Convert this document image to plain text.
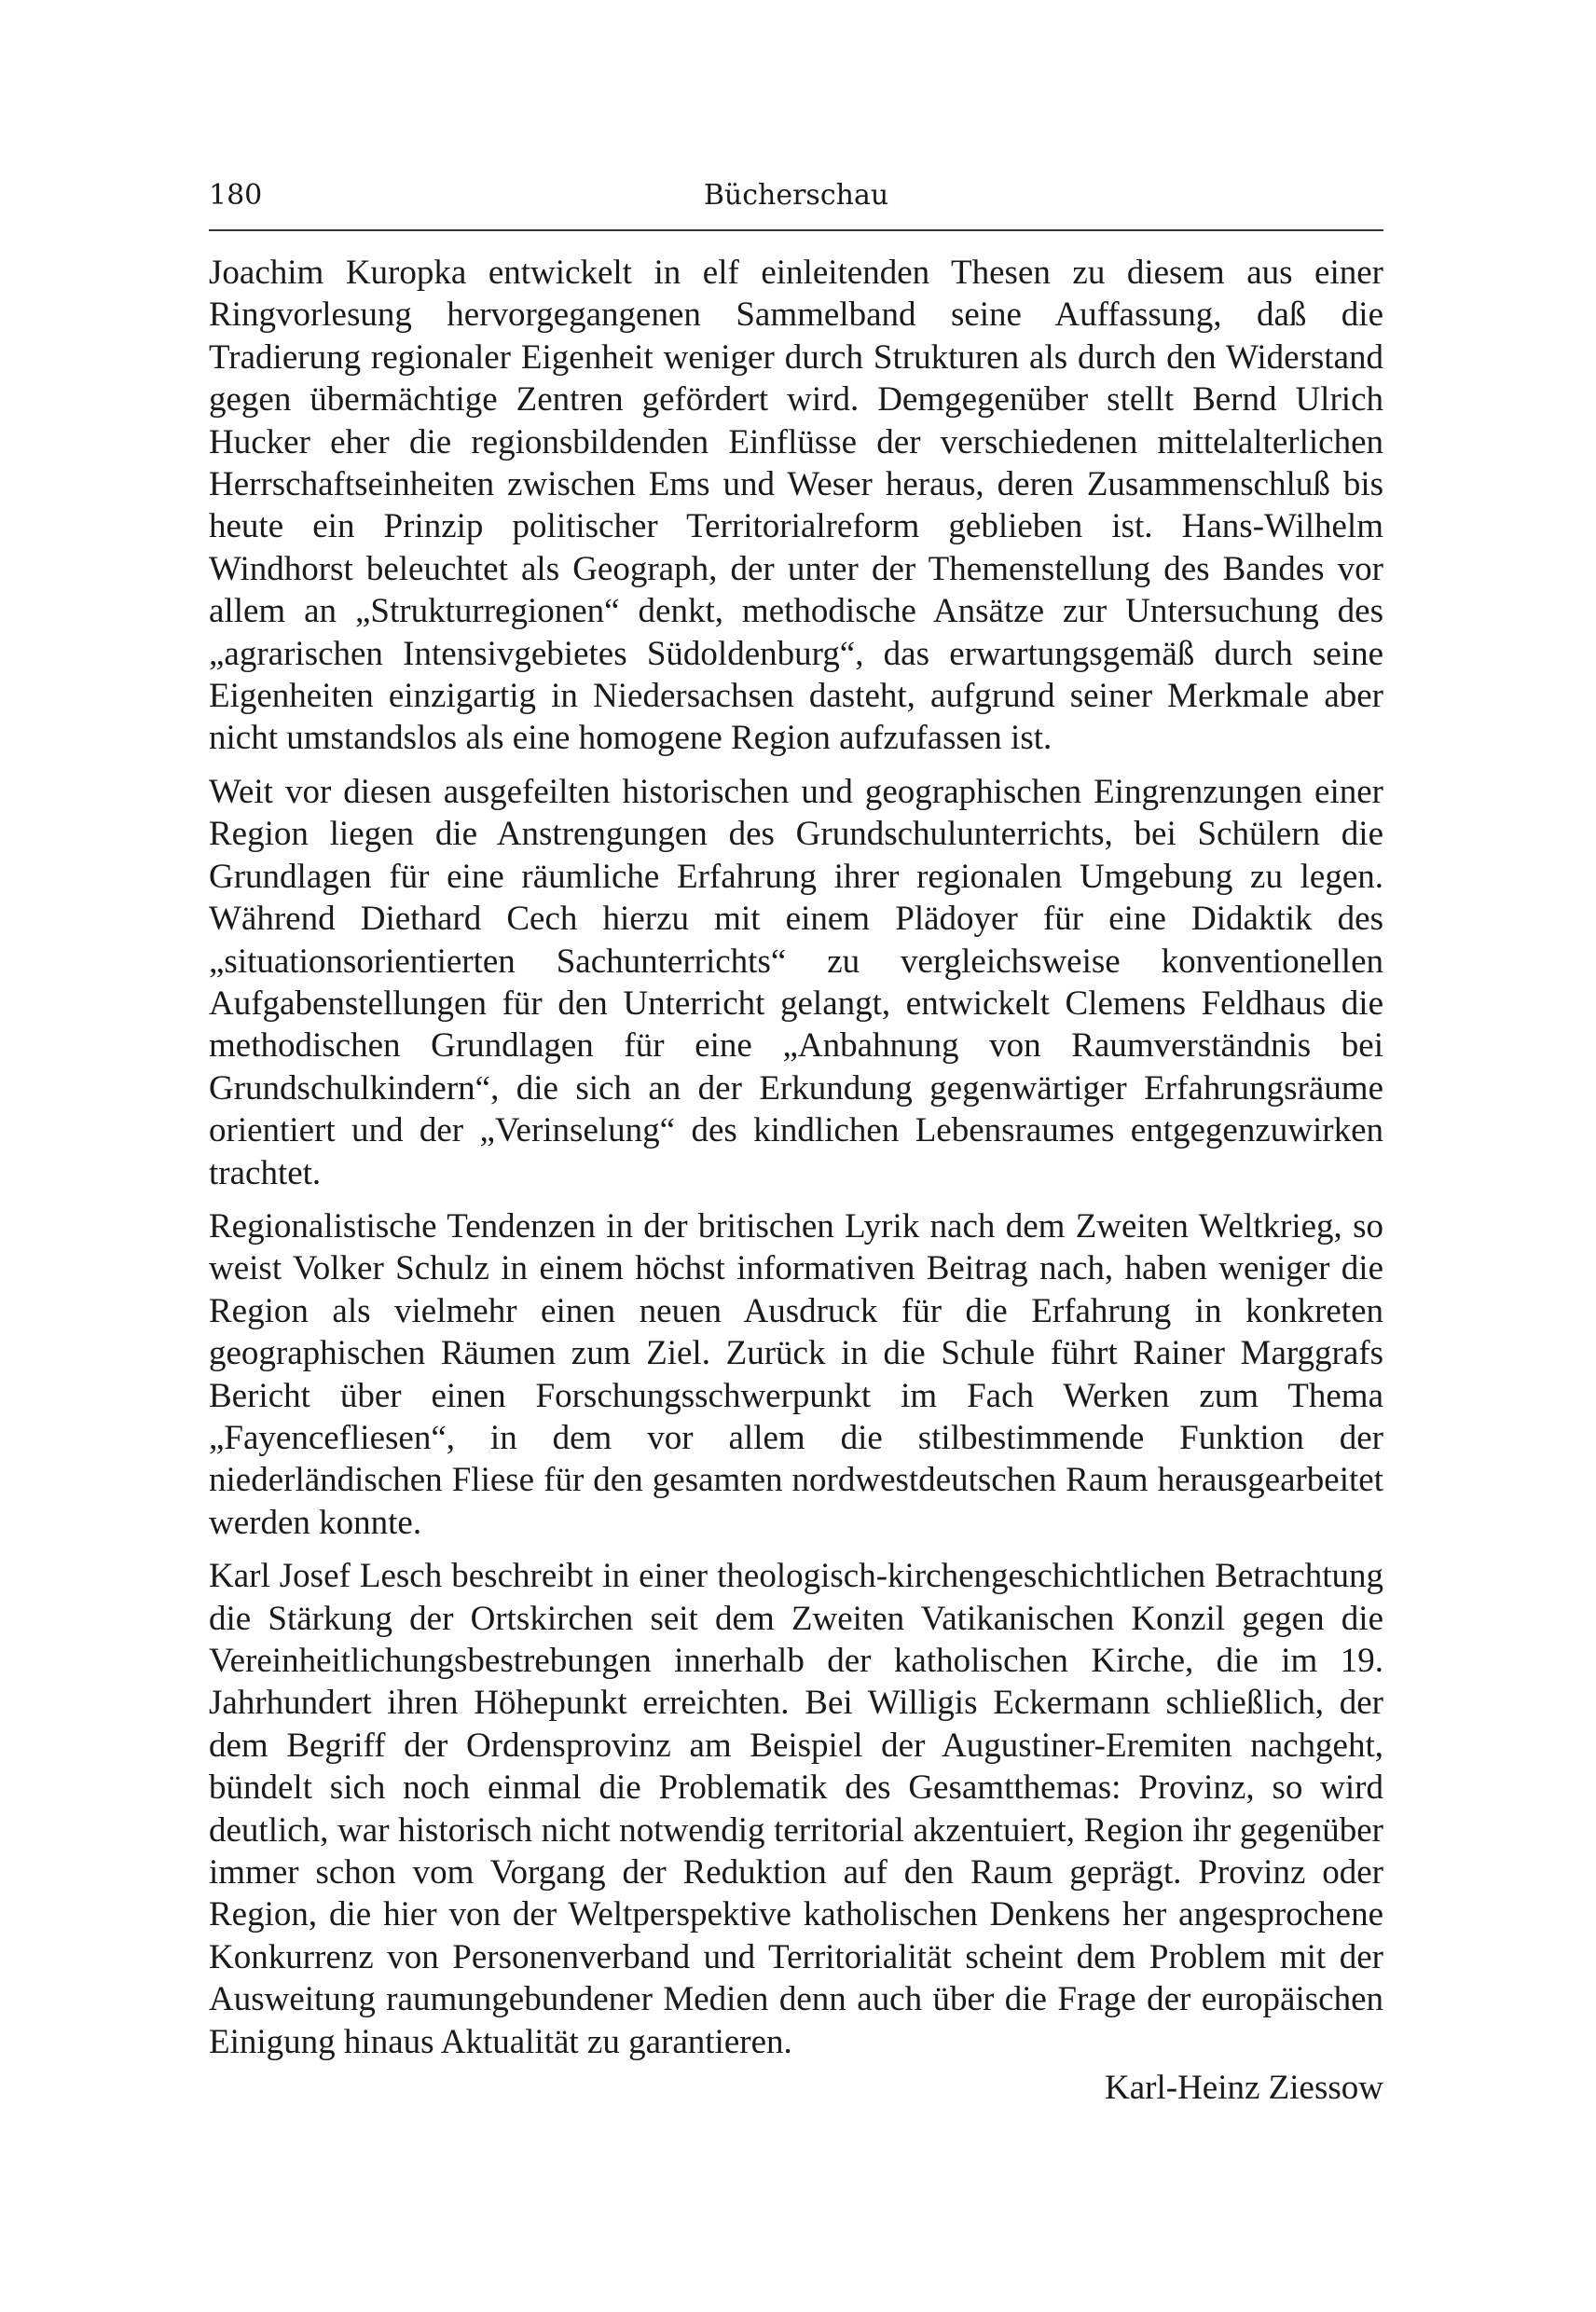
180	Bücherschau

Joachim Kuropka entwickelt in elf einleitenden Thesen zu diesem aus einer Ringvorlesung hervorgegangenen Sammelband seine Auffassung, daß die Tradierung regionaler Eigenheit weniger durch Strukturen als durch den Widerstand gegen übermächtige Zentren gefördert wird. Demgegenüber stellt Bernd Ulrich Hucker eher die regionsbildenden Einflüsse der verschiedenen mittelalterlichen Herrschaftseinheiten zwischen Ems und Weser heraus, deren Zusammenschluß bis heute ein Prinzip politischer Territorialreform geblieben ist. Hans-Wilhelm Windhorst beleuchtet als Geograph, der unter der Themenstellung des Bandes vor allem an „Strukturregionen“ denkt, methodische Ansätze zur Untersuchung des „agrarischen Intensivgebietes Südoldenburg“, das erwartungsgemäß durch seine Eigenheiten einzigartig in Niedersachsen dasteht, aufgrund seiner Merkmale aber nicht umstandslos als eine homogene Region aufzufassen ist.

Weit vor diesen ausgefeilten historischen und geographischen Eingrenzungen einer Region liegen die Anstrengungen des Grundschulunterrichts, bei Schülern die Grundlagen für eine räumliche Erfahrung ihrer regionalen Umgebung zu legen. Während Diethard Cech hierzu mit einem Plädoyer für eine Didaktik des „situationsorientierten Sachunterrichts“ zu vergleichsweise konventionellen Aufgabenstellungen für den Unterricht gelangt, entwickelt Clemens Feldhaus die methodischen Grundlagen für eine „Anbahnung von Raumverständnis bei Grundschulkindern“, die sich an der Erkundung gegenwärtiger Erfahrungsräume orientiert und der „Verinselung“ des kindlichen Lebensraumes entgegenzuwirken trachtet.

Regionalistische Tendenzen in der britischen Lyrik nach dem Zweiten Weltkrieg, so weist Volker Schulz in einem höchst informativen Beitrag nach, haben weniger die Region als vielmehr einen neuen Ausdruck für die Erfahrung in konkreten geographischen Räumen zum Ziel. Zurück in die Schule führt Rainer Marggrafs Bericht über einen Forschungsschwerpunkt im Fach Werken zum Thema „Fayencefliesen“, in dem vor allem die stilbestimmende Funktion der niederländischen Fliese für den gesamten nordwestdeutschen Raum herausgearbeitet werden konnte.

Karl Josef Lesch beschreibt in einer theologisch-kirchengeschichtlichen Betrachtung die Stärkung der Ortskirchen seit dem Zweiten Vatikanischen Konzil gegen die Vereinheitlichungsbestrebungen innerhalb der katholischen Kirche, die im 19. Jahrhundert ihren Höhepunkt erreichten. Bei Willigis Eckermann schließlich, der dem Begriff der Ordensprovinz am Beispiel der Augustiner-Eremiten nachgeht, bündelt sich noch einmal die Problematik des Gesamtthemas: Provinz, so wird deutlich, war historisch nicht notwendig territorial akzentuiert, Region ihr gegenüber immer schon vom Vorgang der Reduktion auf den Raum geprägt. Provinz oder Region, die hier von der Weltperspektive katholischen Denkens her angesprochene Konkurrenz von Personenverband und Territorialität scheint dem Problem mit der Ausweitung raumungebundener Medien denn auch über die Frage der europäischen Einigung hinaus Aktualität zu garantieren.

Karl-Heinz Ziessow
